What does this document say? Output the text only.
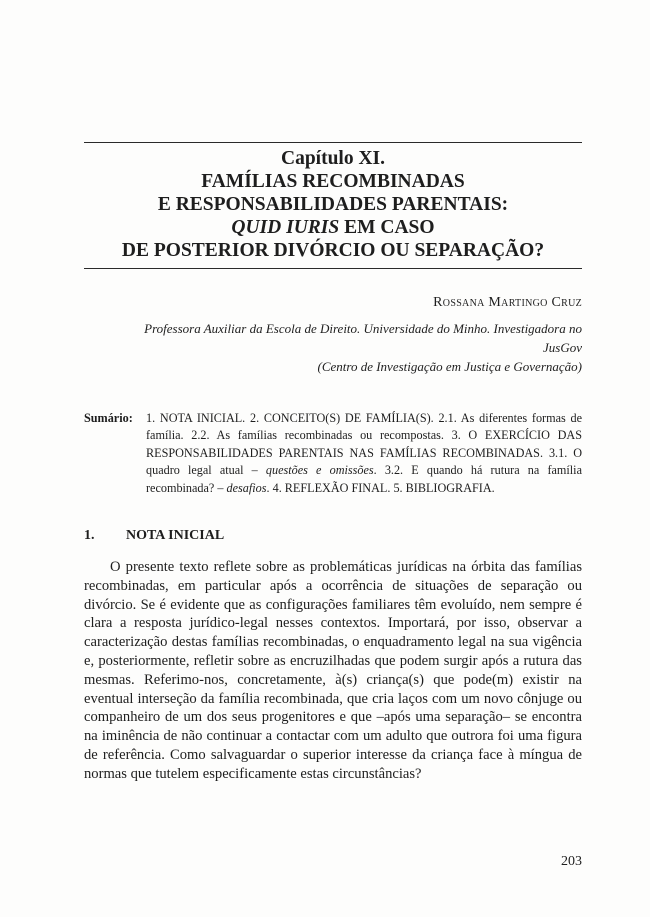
Capítulo XI.
FAMÍLIAS RECOMBINADAS
E RESPONSABILIDADES PARENTAIS:
QUID IURIS EM CASO
DE POSTERIOR DIVÓRCIO OU SEPARAÇÃO?
Rossana Martingo Cruz
Professora Auxiliar da Escola de Direito. Universidade do Minho. Investigadora no JusGov
(Centro de Investigação em Justiça e Governação)
Sumário:	1. NOTA INICIAL. 2. CONCEITO(S) DE FAMÍLIA(S). 2.1. As diferentes formas de família. 2.2. As famílias recombinadas ou recompostas. 3. O EXERCÍCIO DAS RESPONSABILIDADES PARENTAIS NAS FAMÍLIAS RECOMBINADAS. 3.1. O quadro legal atual – questões e omissões. 3.2. E quando há rutura na família recombinada? – desafios. 4. REFLEXÃO FINAL. 5. BIBLIOGRAFIA.
1.	NOTA INICIAL

O presente texto reflete sobre as problemáticas jurídicas na órbita das famílias recombinadas, em particular após a ocorrência de situações de separação ou divórcio. Se é evidente que as configurações familiares têm evoluído, nem sempre é clara a resposta jurídico-legal nesses contextos. Importará, por isso, observar a caracterização destas famílias recombinadas, o enquadramento legal na sua vigência e, posteriormente, refletir sobre as encruzilhadas que podem surgir após a rutura das mesmas. Referimo-nos, concretamente, à(s) criança(s) que pode(m) existir na eventual interseção da família recombinada, que cria laços com um novo cônjuge ou companheiro de um dos seus progenitores e que –após uma separação– se encontra na iminência de não continuar a contactar com um adulto que outrora foi uma figura de referência. Como salvaguardar o superior interesse da criança face à míngua de normas que tutelem especificamente estas circunstâncias?

203
